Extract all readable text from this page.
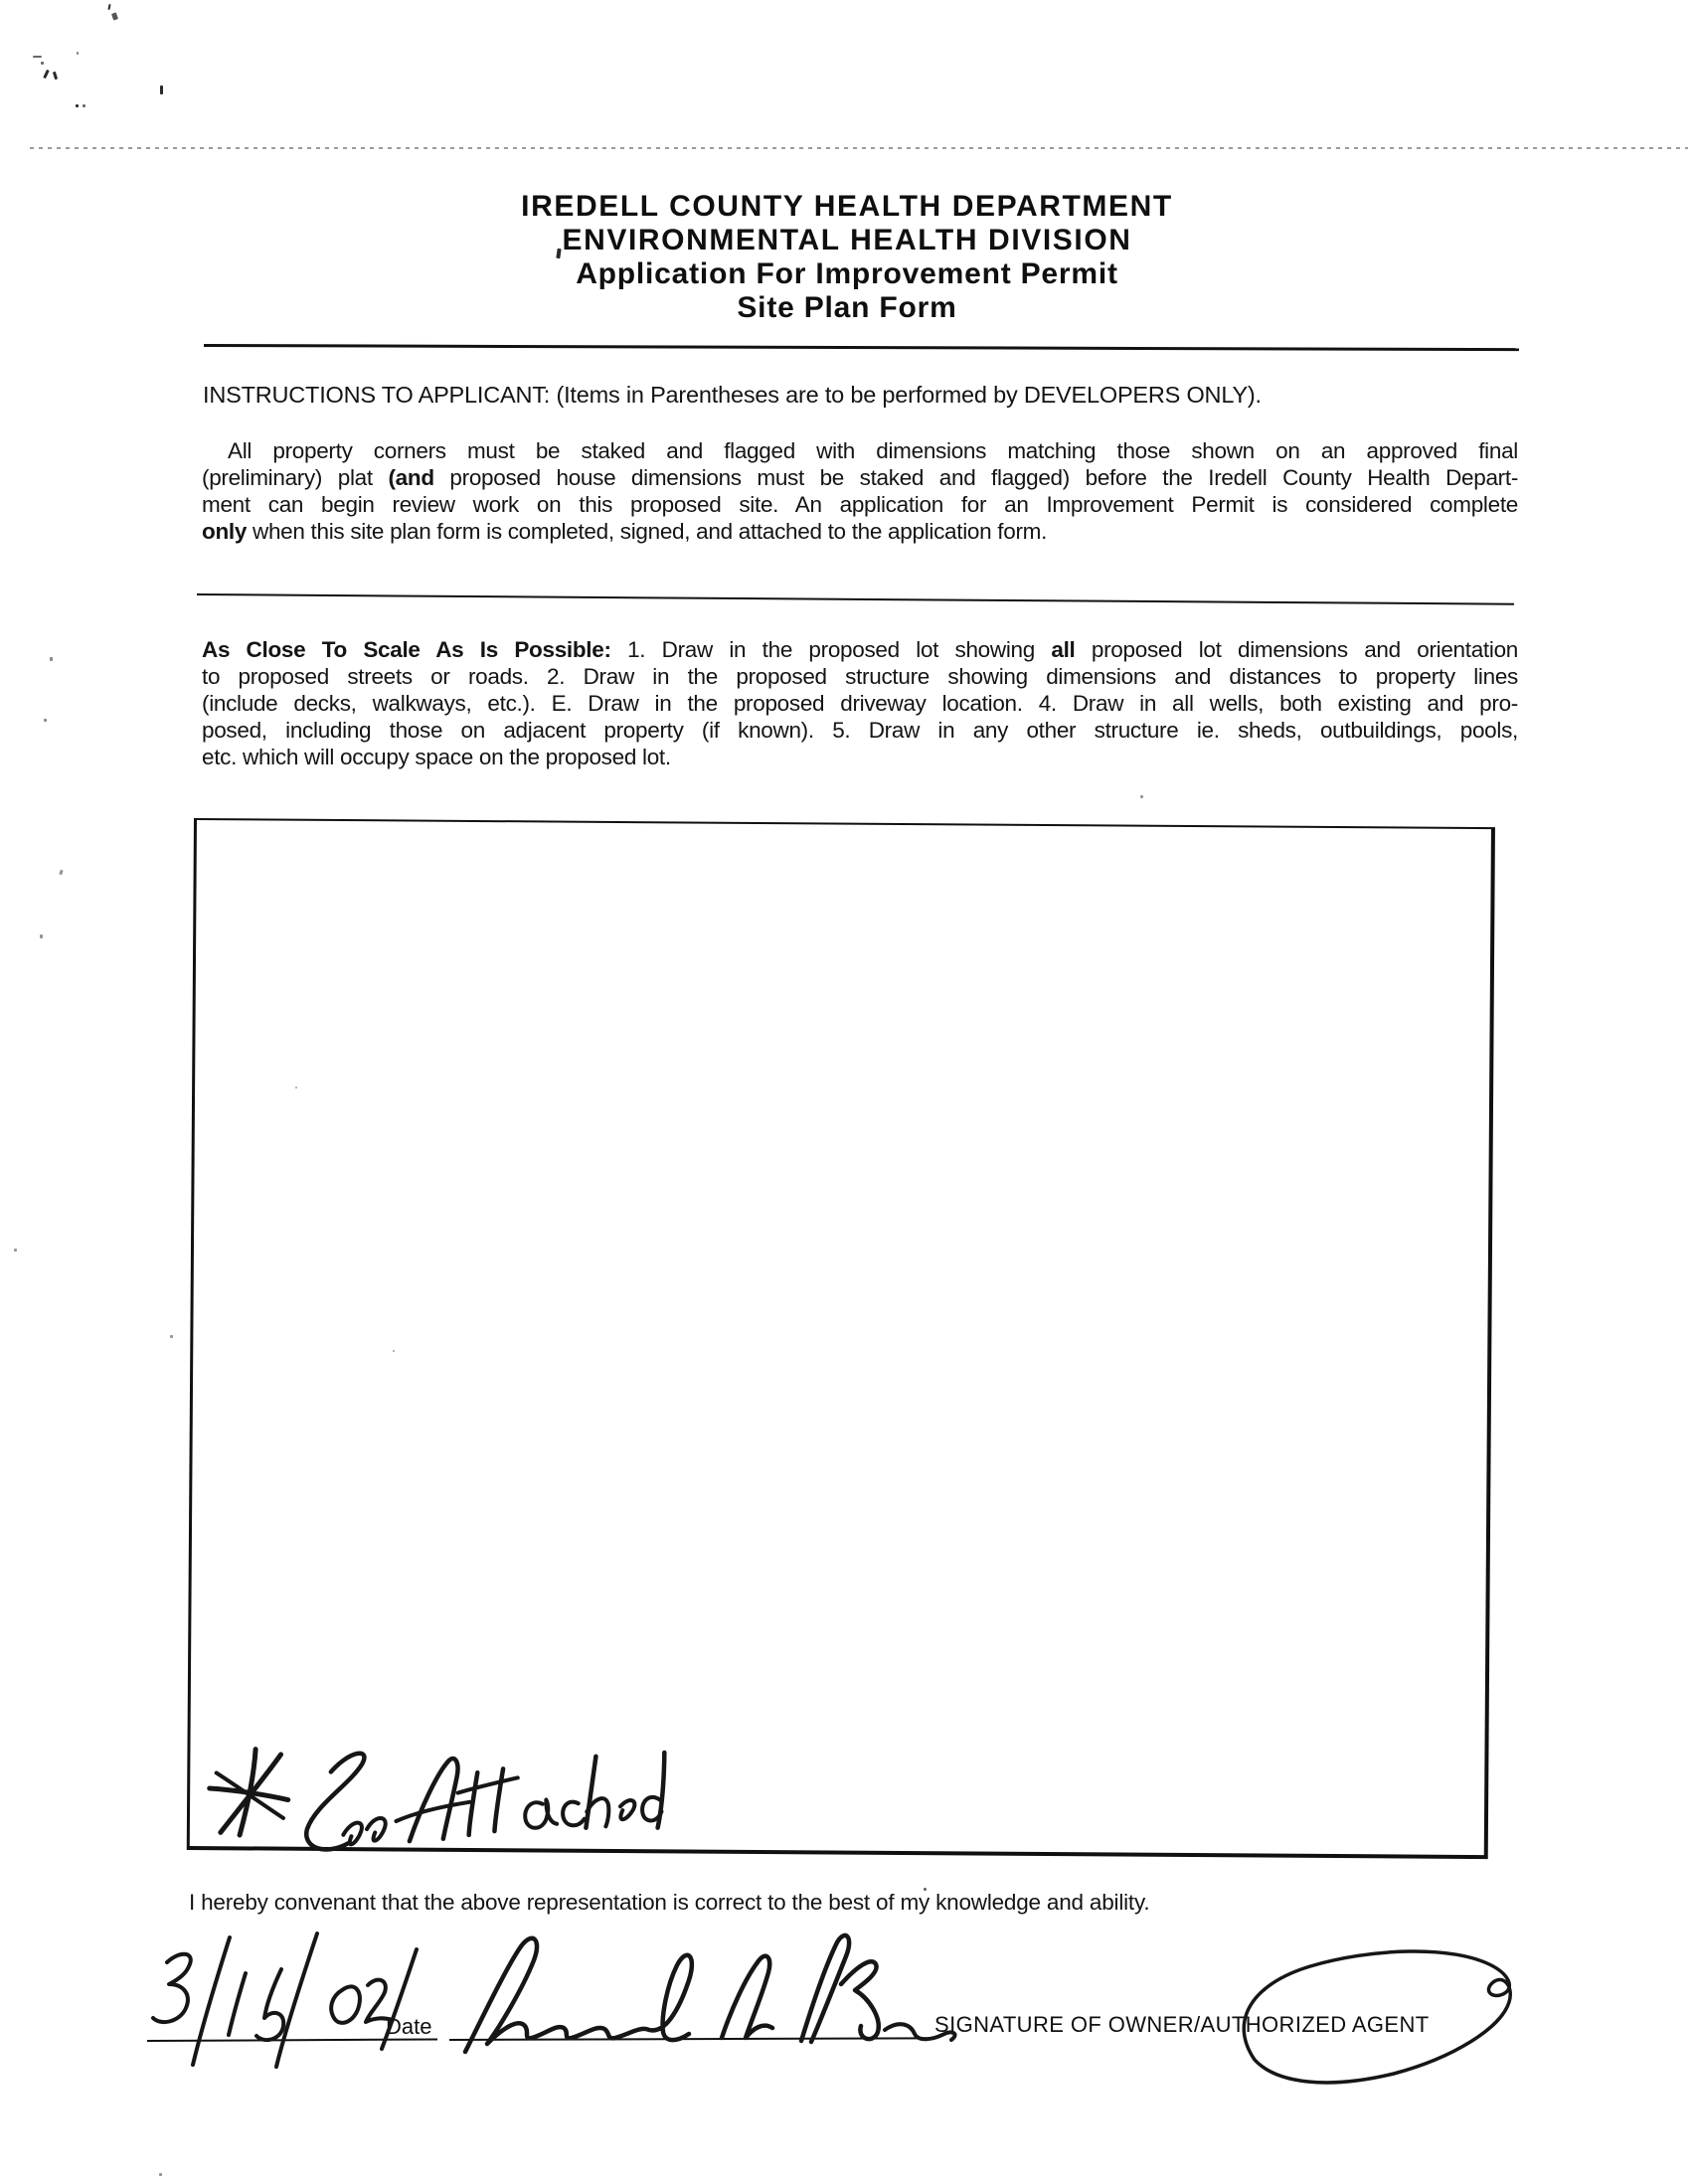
IREDELL COUNTY HEALTH DEPARTMENT
ENVIRONMENTAL HEALTH DIVISION
Application For Improvement Permit
Site Plan Form

INSTRUCTIONS TO APPLICANT: (Items in Parentheses are to be performed by DEVELOPERS ONLY).

All property corners must be staked and flagged with dimensions matching those shown on an approved final
(preliminary) plat (and proposed house dimensions must be staked and flagged) before the Iredell County Health Depart-
ment can begin review work on this proposed site. An application for an Improvement Permit is considered complete
only when this site plan form is completed, signed, and attached to the application form.
As Close To Scale As Is Possible: 1. Draw in the proposed lot showing all proposed lot dimensions and orientation
to proposed streets or roads. 2. Draw in the proposed structure showing dimensions and distances to property lines
(include decks, walkways, etc.). E. Draw in the proposed driveway location. 4. Draw in all wells, both existing and pro-
posed, including those on adjacent property (if known). 5. Draw in any other structure ie. sheds, outbuildings, pools,
etc. which will occupy space on the proposed lot.

I hereby convenant that the above representation is correct to the best of my knowledge and ability.

Date	SIGNATURE OF OWNER/AUTHORIZED AGENT
